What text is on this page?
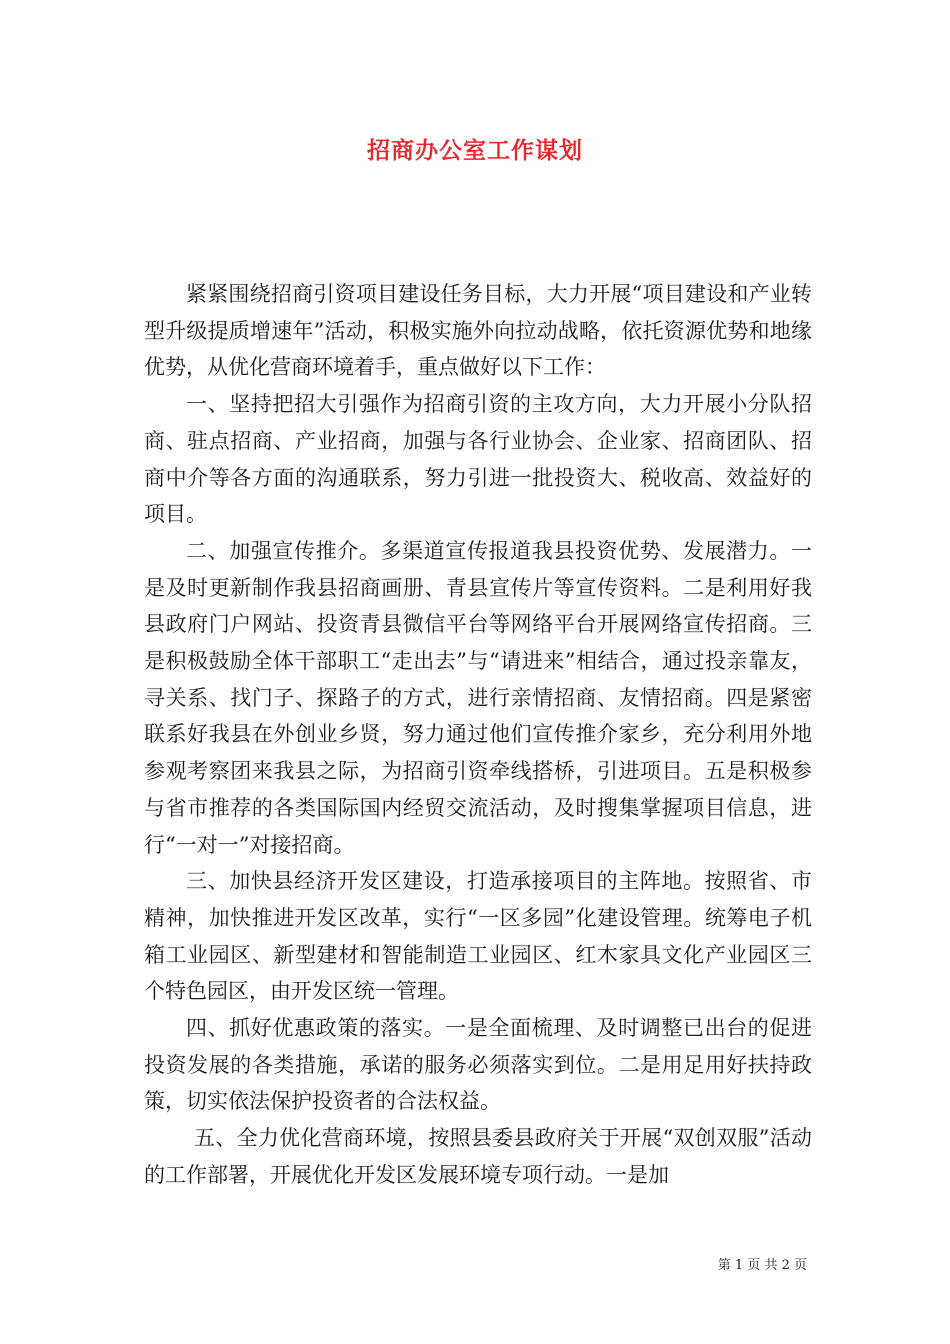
招商办公室工作谋划

紧紧围绕招商引资项目建设任务目标，大力开展“项目建设和产业转型升级提质增速年”活动，积极实施外向拉动战略，依托资源优势和地缘优势，从优化营商环境着手，重点做好以下工作：

一、坚持把招大引强作为招商引资的主攻方向，大力开展小分队招商、驻点招商、产业招商，加强与各行业协会、企业家、招商团队、招商中介等各方面的沟通联系，努力引进一批投资大、税收高、效益好的项目。

二、加强宣传推介。多渠道宣传报道我县投资优势、发展潜力。一是及时更新制作我县招商画册、青县宣传片等宣传资料。二是利用好我县政府门户网站、投资青县微信平台等网络平台开展网络宣传招商。三是积极鼓励全体干部职工“走出去”与“请进来”相结合，通过投亲靠友，寻关系、找门子、探路子的方式，进行亲情招商、友情招商。四是紧密联系好我县在外创业乡贤，努力通过他们宣传推介家乡，充分利用外地参观考察团来我县之际，为招商引资牵线搭桥，引进项目。五是积极参与省市推荐的各类国际国内经贸交流活动，及时搜集掌握项目信息，进行“一对一”对接招商。

三、加快县经济开发区建设，打造承接项目的主阵地。按照省、市精神，加快推进开发区改革，实行“一区多园”化建设管理。统筹电子机箱工业园区、新型建材和智能制造工业园区、红木家具文化产业园区三个特色园区，由开发区统一管理。

四、抓好优惠政策的落实。一是全面梳理、及时调整已出台的促进投资发展的各类措施，承诺的服务必须落实到位。二是用足用好扶持政策，切实依法保护投资者的合法权益。

五、全力优化营商环境，按照县委县政府关于开展“双创双服”活动的工作部署，开展优化开发区发展环境专项行动。一是加

第 1 页 共 2 页
